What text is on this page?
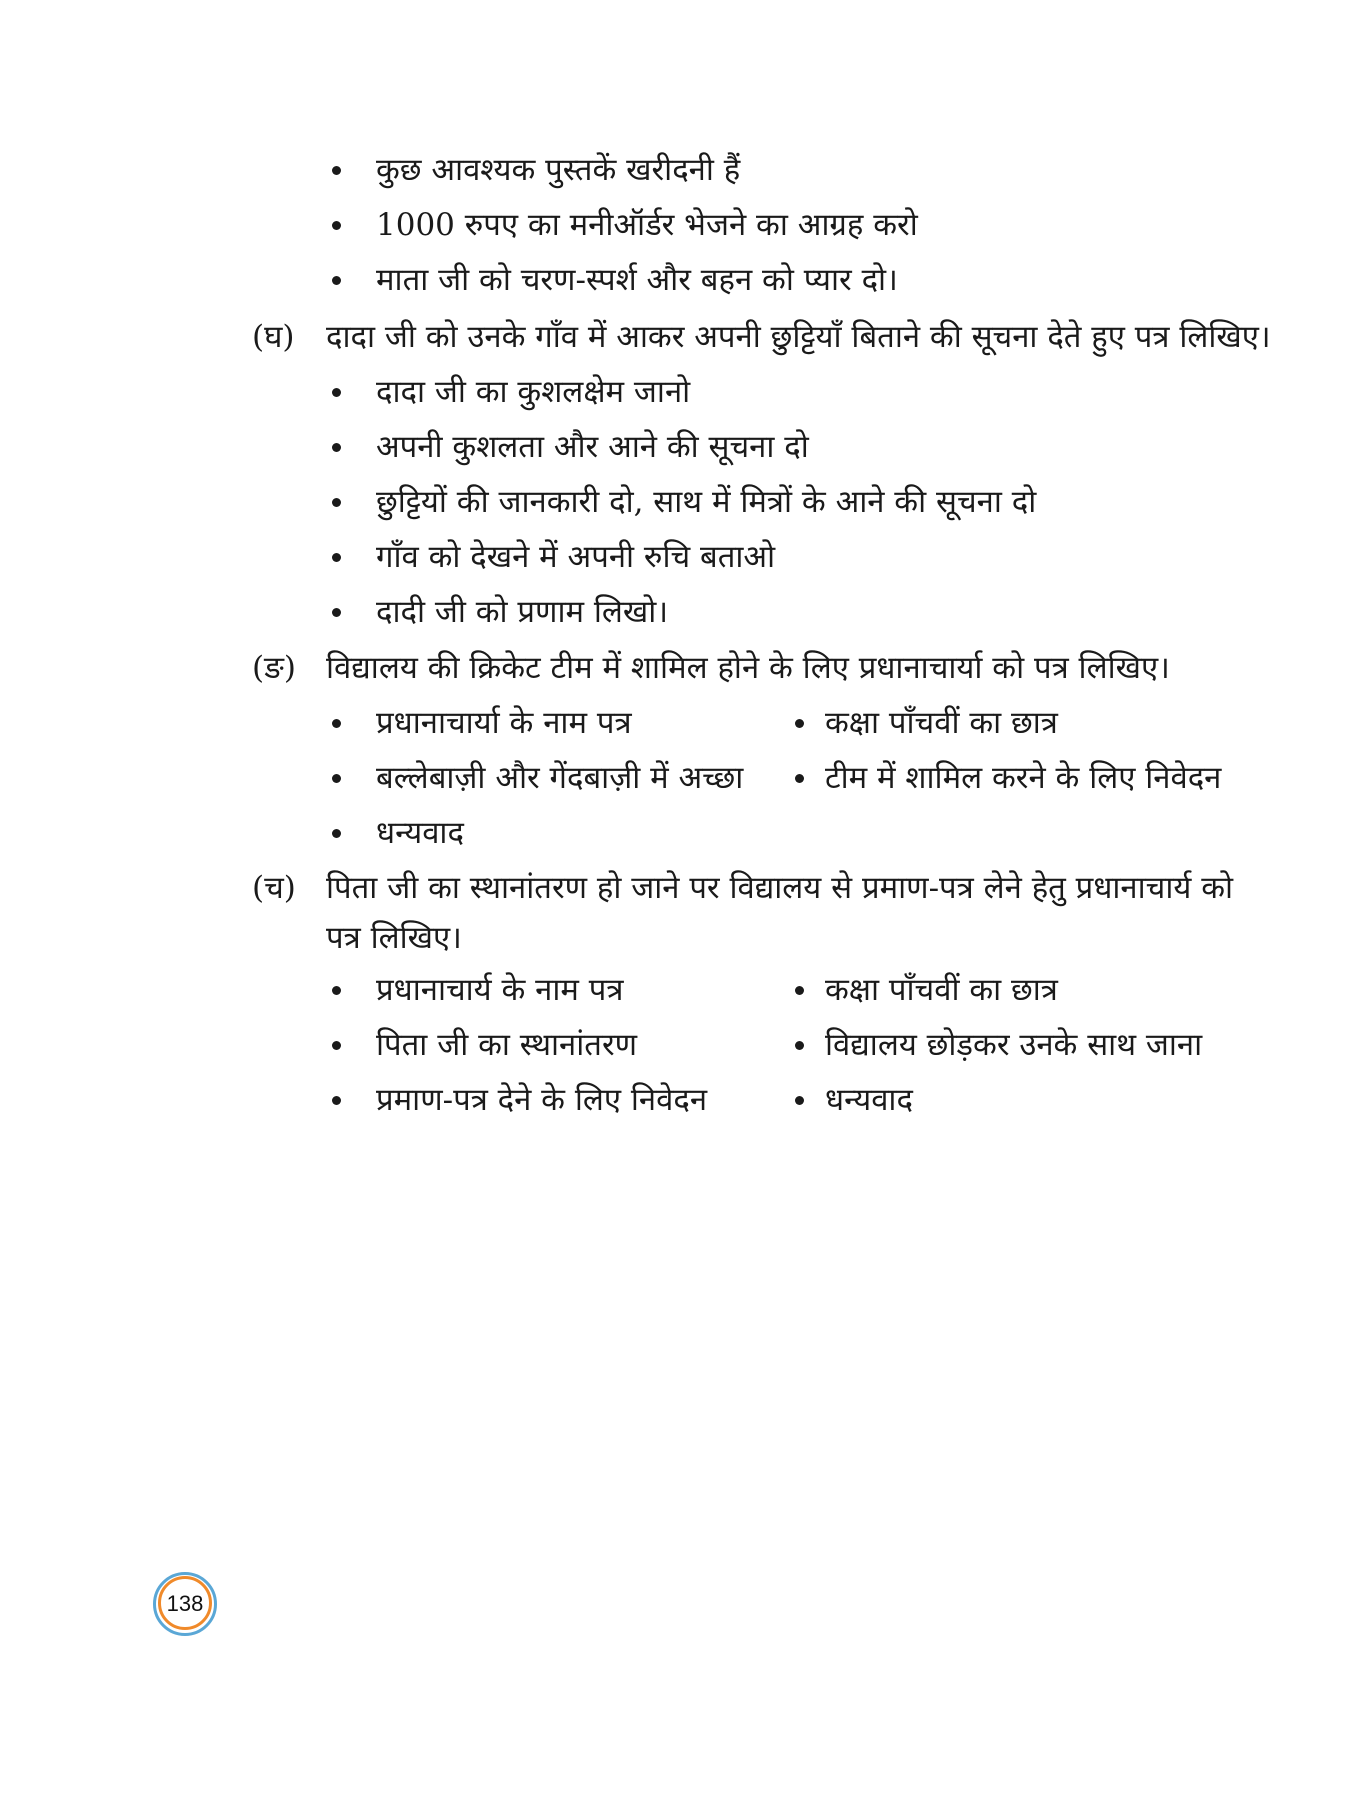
कुछ आवश्यक पुस्तकें खरीदनी हैं
1000 रुपए का मनीऑर्डर भेजने का आग्रह करो
माता जी को चरण-स्पर्श और बहन को प्यार दो।
(घ) दादा जी को उनके गाँव में आकर अपनी छुट्टियाँ बिताने की सूचना देते हुए पत्र लिखिए।
दादा जी का कुशलक्षेम जानो
अपनी कुशलता और आने की सूचना दो
छुट्टियों की जानकारी दो, साथ में मित्रों के आने की सूचना दो
गाँव को देखने में अपनी रुचि बताओ
दादी जी को प्रणाम लिखो।
(ङ) विद्यालय की क्रिकेट टीम में शामिल होने के लिए प्रधानाचार्या को पत्र लिखिए।
प्रधानाचार्या के नाम पत्र	कक्षा पाँचवीं का छात्र
बल्लेबाज़ी और गेंदबाज़ी में अच्छा	टीम में शामिल करने के लिए निवेदन
धन्यवाद
(च) पिता जी का स्थानांतरण हो जाने पर विद्यालय से प्रमाण-पत्र लेने हेतु प्रधानाचार्य को
पत्र लिखिए।
प्रधानाचार्य के नाम पत्र	कक्षा पाँचवीं का छात्र
पिता जी का स्थानांतरण	विद्यालय छोड़कर उनके साथ जाना
प्रमाण-पत्र देने के लिए निवेदन	धन्यवाद
138
